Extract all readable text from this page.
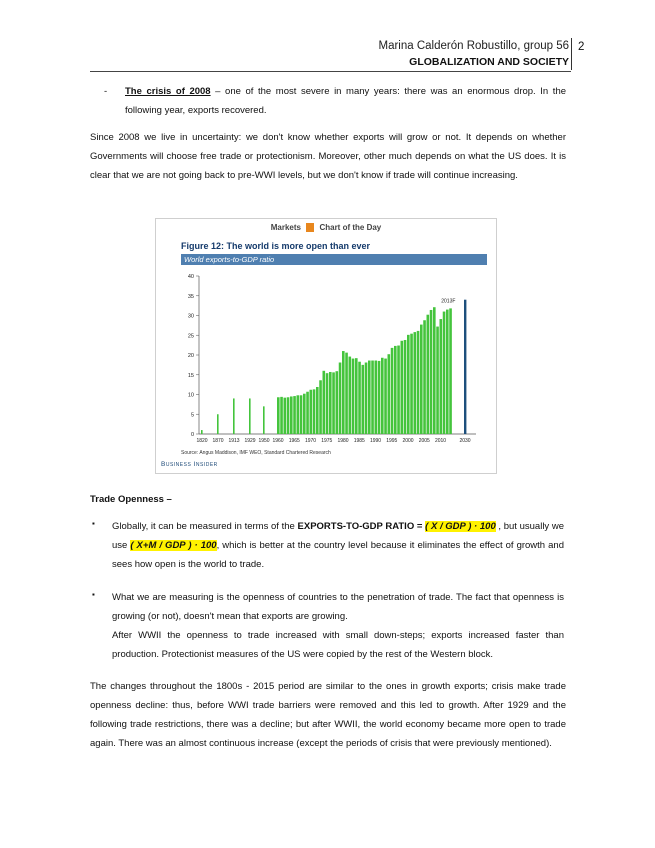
Marina Calderón Robustillo, group 56
GLOBALIZATION AND SOCIETY
2
- The crisis of 2008 – one of the most severe in many years: there was an enormous drop. In the following year, exports recovered.
Since 2008 we live in uncertainty: we don't know whether exports will grow or not. It depends on whether Governments will choose free trade or protectionism. Moreover, other much depends on what the US does. It is clear that we are not going back to pre-WWI levels, but we don't know if trade will continue increasing.
Markets Chart of the Day
Figure 12: The world is more open than ever
World exports-to-GDP ratio
0
5
10
15
20
25
30
35
40
2013F
1820 1870 1913 1929 1950 1960 1965 1970 1975 1980 1985 1990 1995 2000 2005 2010	2030
Source: Angus Maddison, IMF WEO, Standard Chartered Research
Business Insider
Trade Openness –
▪ Globally, it can be measured in terms of the EXPORTS-TO-GDP RATIO = ( X / GDP ) · 100 , but usually we use ( X+M / GDP ) · 100, which is better at the country level because it eliminates the effect of growth and sees how open is the world to trade.
▪ What we are measuring is the openness of countries to the penetration of trade. The fact that openness is growing (or not), doesn't mean that exports are growing.
After WWII the openness to trade increased with small down-steps; exports increased faster than production. Protectionist measures of the US were copied by the rest of the Western block.
The changes throughout the 1800s - 2015 period are similar to the ones in growth exports; crisis make trade openness decline: thus, before WWI trade barriers were removed and this led to growth. After 1929 and the following trade restrictions, there was a decline; but after WWII, the world economy became more open to trade again. There was an almost continuous increase (except the periods of crisis that were previously mentioned).
